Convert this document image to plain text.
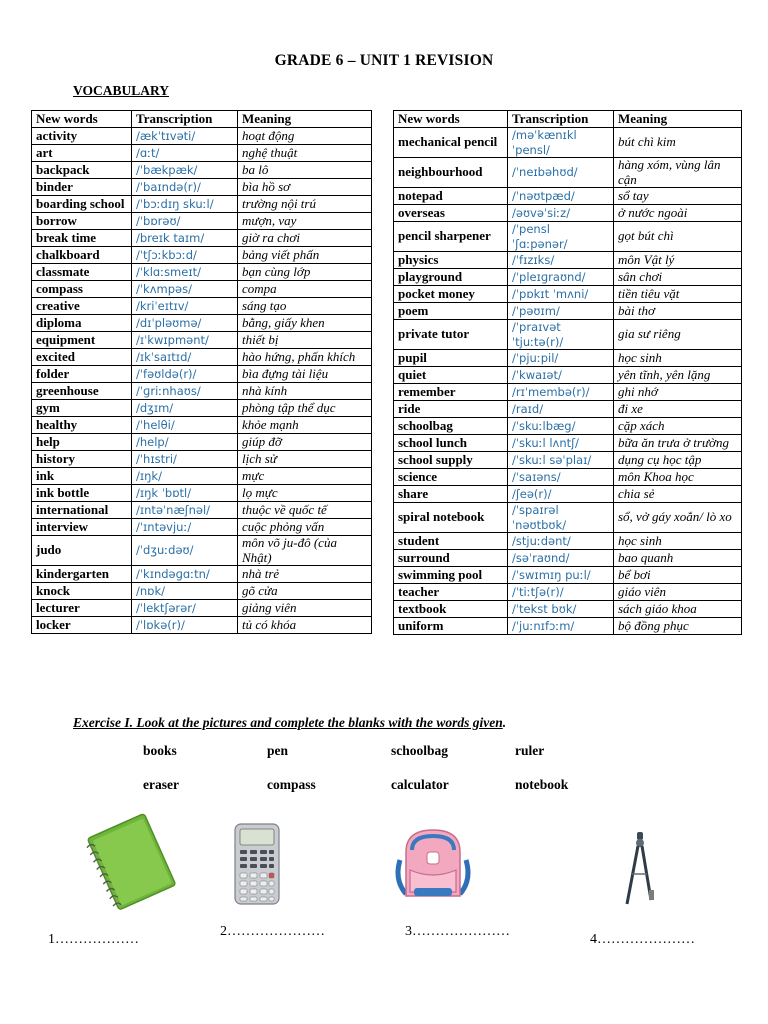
GRADE 6 – UNIT 1 REVISION
VOCABULARY
New words	Transcription	Meaning
activity	/ækˈtɪvəti/	hoạt động
art	/ɑːt/	nghệ thuật
backpack	/ˈbækpæk/	ba lô
binder	/ˈbaɪndə(r)/	bìa hồ sơ
boarding school	/ˈbɔːdɪŋ skuːl/	trường nội trú
borrow	/ˈbɒrəʊ/	mượn, vay
break time	/breɪk taɪm/	giờ ra chơi
chalkboard	/ˈtʃɔːkbɔːd/	bảng viết phấn
classmate	/ˈklɑːsmeɪt/	bạn cùng lớp
compass	/ˈkʌmpəs/	compa
creative	/kriˈeɪtɪv/	sáng tạo
diploma	/dɪˈpləʊmə/	bằng, giấy khen
equipment	/ɪˈkwɪpmənt/	thiết bị
excited	/ɪkˈsaɪtɪd/	hào hứng, phấn khích
folder	/ˈfəʊldə(r)/	bìa đựng tài liệu
greenhouse	/ˈɡriːnhaʊs/	nhà kính
gym	/dʒɪm/	phòng tập thể dục
healthy	/ˈhelθi/	khỏe mạnh
help	/help/	giúp đỡ
history	/ˈhɪstri/	lịch sử
ink	/ɪŋk/	mực
ink bottle	/ɪŋk ˈbɒtl/	lọ mực
international	/ɪntəˈnæʃnəl/	thuộc về quốc tế
interview	/ˈɪntəvjuː/	cuộc phỏng vấn
judo	/ˈdʒuːdəʊ/	môn võ ju-đô (của Nhật)
kindergarten	/ˈkɪndəɡɑːtn/	nhà trẻ
knock	/nɒk/	gõ cửa
lecturer	/ˈlektʃərər/	giảng viên
locker	/ˈlɒkə(r)/	tủ có khóa
New words	Transcription	Meaning
mechanical pencil	/məˈkænɪkl ˈpensl/	bút chì kim
neighbourhood	/ˈneɪbəhʊd/	hàng xóm, vùng lân cận
notepad	/ˈnəʊtpæd/	sổ tay
overseas	/əʊvəˈsiːz/	ở nước ngoài
pencil sharpener	/ˈpensl ˈʃɑːpənər/	gọt bút chì
physics	/ˈfɪzɪks/	môn Vật lý
playground	/ˈpleɪɡraʊnd/	sân chơi
pocket money	/ˈpɒkɪt ˈmʌni/	tiền tiêu vặt
poem	/ˈpəʊɪm/	bài thơ
private tutor	/ˈpraɪvət ˈtjuːtə(r)/	gia sư riêng
pupil	/ˈpjuːpil/	học sinh
quiet	/ˈkwaɪət/	yên tĩnh, yên lặng
remember	/rɪˈmembə(r)/	ghi nhớ
ride	/raɪd/	đi xe
schoolbag	/ˈskuːlbæg/	cặp xách
school lunch	/ˈskuːl lʌntʃ/	bữa ăn trưa ở trường
school supply	/ˈskuːl səˈplaɪ/	dụng cụ học tập
science	/ˈsaɪəns/	môn Khoa học
share	/ʃeə(r)/	chia sẻ
spiral notebook	/ˈspaɪrəl ˈnəʊtbʊk/	sổ, vở gáy xoắn/ lò xo
student	/stjuːdənt/	học sinh
surround	/səˈraʊnd/	bao quanh
swimming pool	/ˈswɪmɪŋ puːl/	bể bơi
teacher	/ˈtiːtʃə(r)/	giáo viên
textbook	/ˈtekst bʊk/	sách giáo khoa
uniform	/ˈjuːnɪfɔːm/	bộ đồng phục
Exercise I. Look at the pictures and complete the blanks with the words given.
books	pen	schoolbag	ruler
eraser	compass	calculator	notebook
1………………
2…………………	3…………………
4…………………
